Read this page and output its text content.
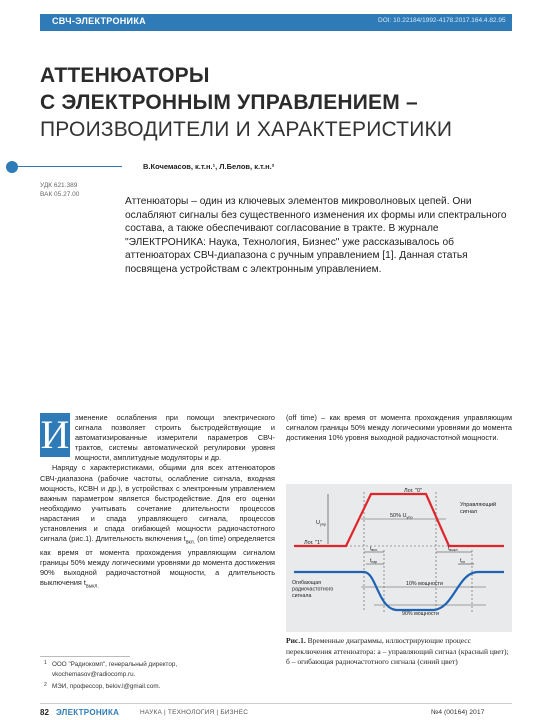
СВЧ-ЭЛЕКТРОНИКА	DOI: 10.22184/1992-4178.2017.164.4.82.95
АТТЕНЮАТОРЫ
С ЭЛЕКТРОННЫМ УПРАВЛЕНИЕМ –
ПРОИЗВОДИТЕЛИ И ХАРАКТЕРИСТИКИ
В.Кочемасов, к.т.н.¹, Л.Белов, к.т.н.²
УДК 621.389
ВАК 05.27.00
Аттенюаторы – один из ключевых элементов микроволновых цепей. Они ослабляют сигналы без существенного изменения их формы или спектрального состава, а также обеспечивают согласование в тракте. В журнале "ЭЛЕКТРОНИКА: Наука, Технология, Бизнес" уже рассказывалось об аттенюаторах СВЧ-диапазона с ручным управлением [1]. Данная статья посвящена устройствам с электронным управлением.

И зменение ослабления при помощи электрического сигнала позволяет строить быстродействующие и автоматизированные измерители параметров СВЧ-трактов, системы автоматической регулировки уровня мощности, амплитудные модуляторы и др.

Наряду с характеристиками, общими для всех аттенюаторов СВЧ-диапазона (рабочие частоты, ослабление сигнала, входная мощность, КСВН и др.), в устройствах с электронным управлением важным параметром является быстродействие. Для его оценки необходимо учитывать сочетание длительности процессов нарастания и спада управляющего сигнала, процессов установления и спада огибающей мощности радиочастотного сигнала (рис.1). Длительность включения $t_{вкл.}$ (on time) определяется как время от момента прохождения управляющим сигналом границы 50% между логическими уровнями до момента достижения 90% выходной радиочастотной мощности, а длительность выключения $t_{выкл.}$

(off time) – как время от момента прохождения управляющим сигналом границы 50% между логическими уровнями до момента достижения 10% уровня выходной радиочастотной мощности.

Лог. "0"
Лог. "1"
Управляющий сигнал
$U_{упр}$
50% $U_{упр}$
$t_{вкл.}$	$t_{выкл.}$
$t_{нар}$	$t_{сп}$
Огибающая радиочастотного сигнала
10% мощности
90% мощности
Рис.1. Временные диаграммы, иллюстрирующие процесс переключения аттенюатора: а – управляющий сигнал (красный цвет); б – огибающая радиочастотного сигнала (синий цвет)
1 ООО "Радиокомп", генеральный директор,
vkochemasov@radiocomp.ru.
2 МЭИ, профессор, belov.l@gmail.com.
82 ЭЛЕКТРОНИКА	НАУКА | ТЕХНОЛОГИЯ | БИЗНЕС	№4 (00164) 2017
